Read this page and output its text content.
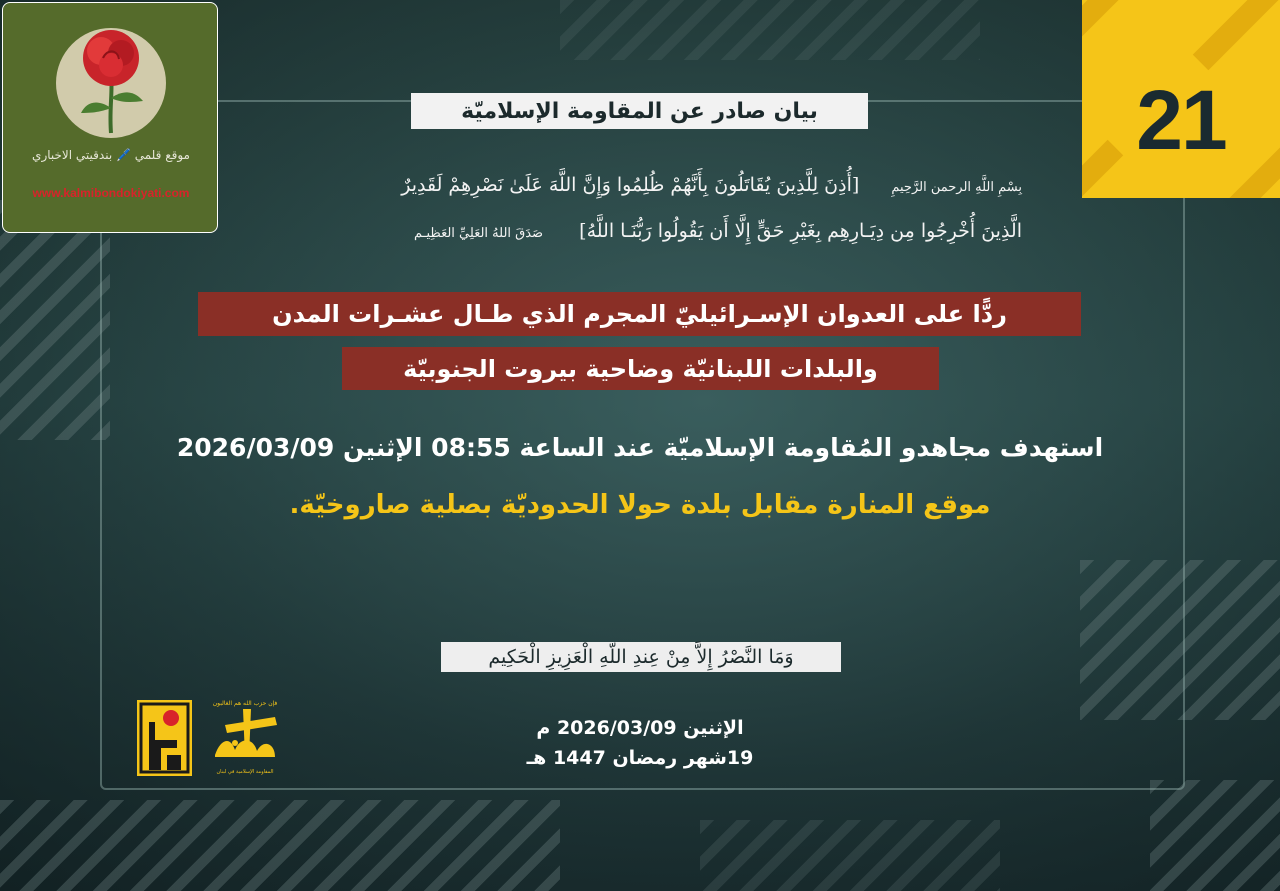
موقع قلمي 🖊️ بندقيتي الاخباري
www.kalmibondokiyati.com
21
بيان صادر عن المقاومة الإسلاميّة
بِسْمِ اللَّهِ الرحمن الرَّحِيمِ [أُذِنَ لِلَّذِينَ يُقَاتَلُونَ بِأَنَّهُمْ ظُلِمُوا وَإِنَّ اللَّهَ عَلَىٰ نَصْرِهِمْ لَقَدِيرٌ
الَّذِينَ أُخْرِجُوا مِن دِيَـارِهِم بِغَيْرِ حَقٍّ إِلَّا أَن يَقُولُوا رَبُّنَـا اللَّهُ] صَدَقَ اللهُ العَلِيِّ العَظِيـم
ردًّا على العدوان الإسـرائيليّ المجرم الذي طـال عشـرات المدن
والبلدات اللبنانيّة وضاحية بيروت الجنوبيّة
استهدف مجاهدو المُقاومة الإسلاميّة عند الساعة 08:55 الإثنين 2026/03/09
موقع المنارة مقابل بلدة حولا الحدوديّة بصلية صاروخيّة.
وَمَا النَّصْرُ إِلاَّ مِنْ عِندِ اللّهِ الْعَزِيزِ الْحَكِيم
ﻓﺈﻥ ﺣﺰﺏ ﺍﻟﻠﻪ ﻫﻢ ﺍﻟﻐﺎﻟﺒﻮﻥ
ﺍﻟﻤﻘﺎﻭﻣﺔ ﺍﻹﺳﻼﻣﻴﺔ ﻓﻲ ﻟﺒﻨﺎﻥ
الإثنين 2026/03/09 م
19شهر رمضان 1447 هـ
